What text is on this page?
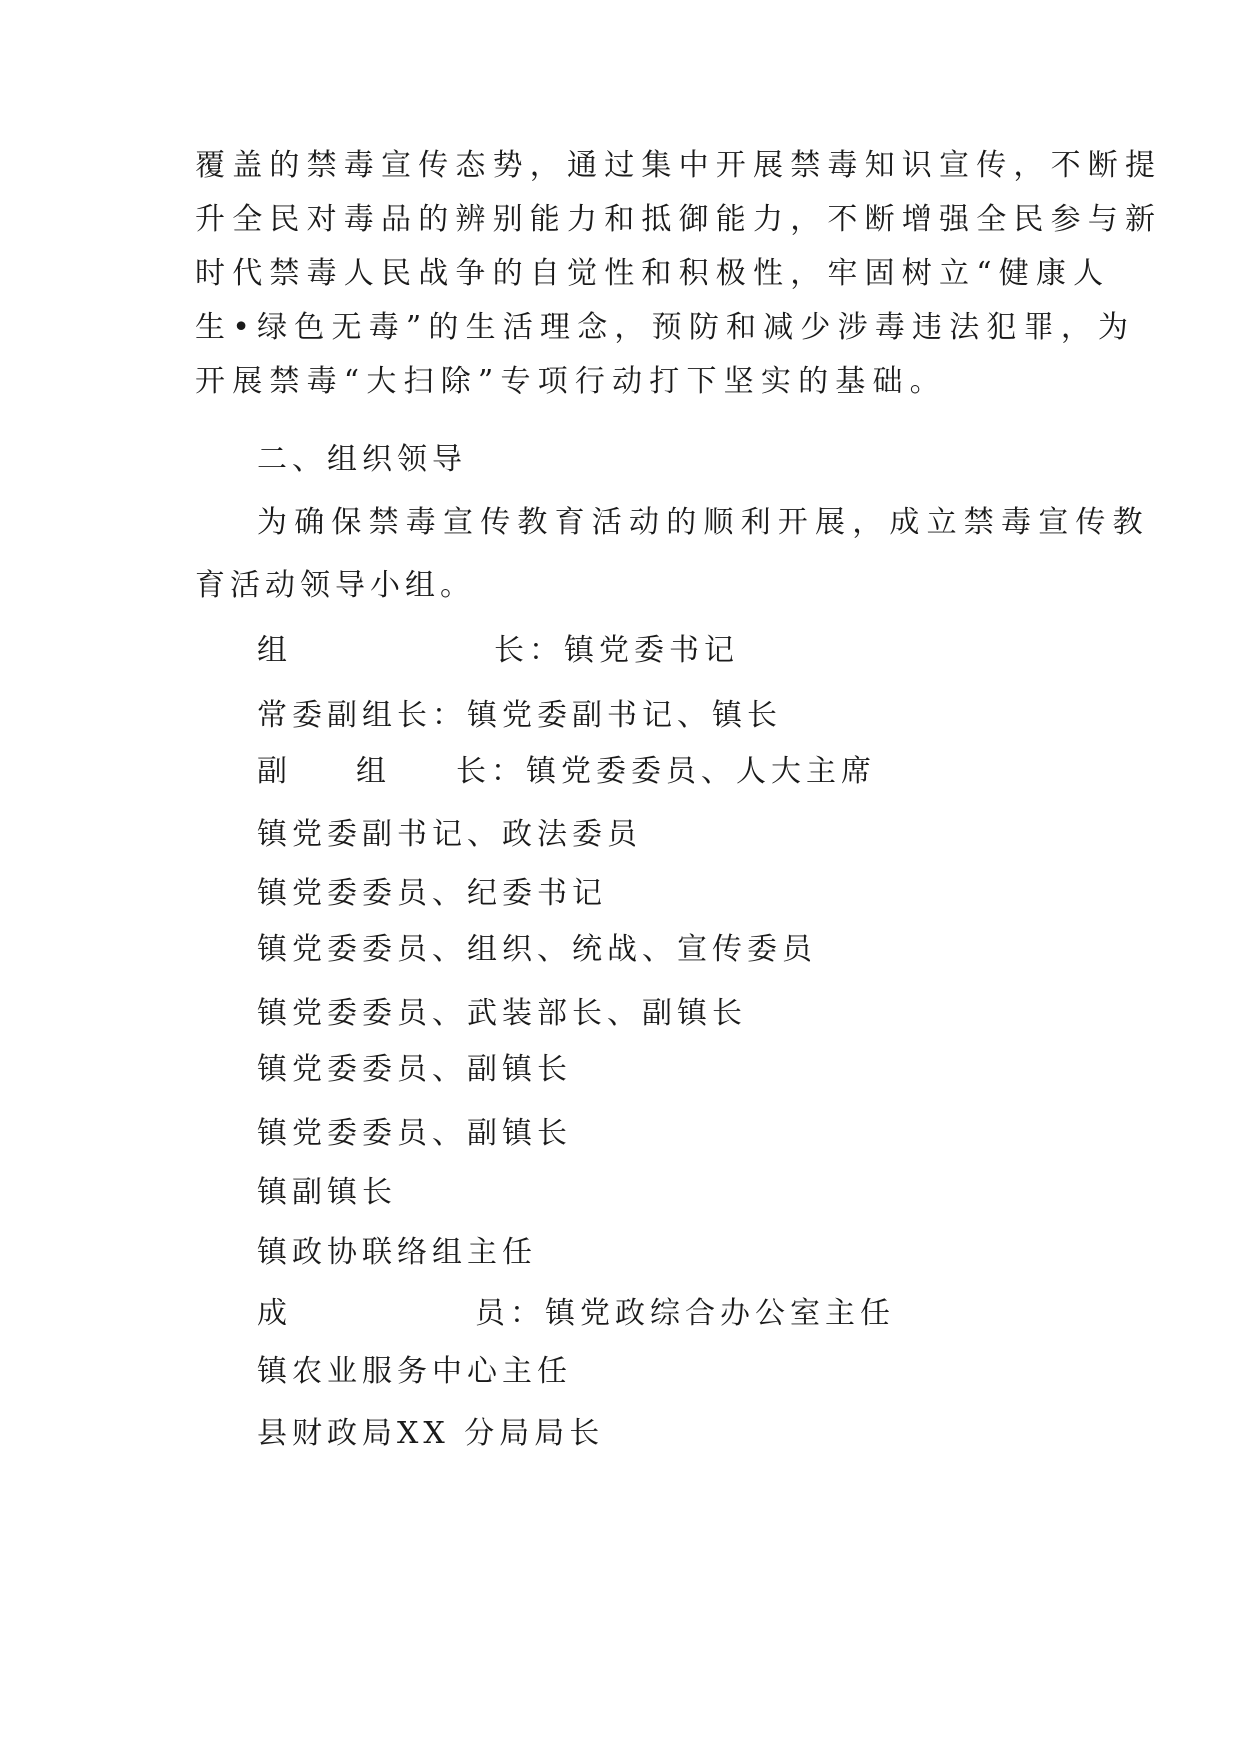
覆盖的禁毒宣传态势，通过集中开展禁毒知识宣传，不断提
升全民对毒品的辨别能力和抵御能力，不断增强全民参与新
时代禁毒人民战争的自觉性和积极性，牢固树立“健康人
生•绿色无毒”的生活理念，预防和减少涉毒违法犯罪，为
开展禁毒“大扫除”专项行动打下坚实的基础。
二、组织领导
为确保禁毒宣传教育活动的顺利开展，成立禁毒宣传教
育活动领导小组。
组	长：镇党委书记
常委副组长：镇党委副书记、镇长
副 组 长：镇党委委员、人大主席
镇党委副书记、政法委员
镇党委委员、纪委书记
镇党委委员、组织、统战、宣传委员
镇党委委员、武装部长、副镇长
镇党委委员、副镇长
镇党委委员、副镇长
镇副镇长
镇政协联络组主任
成	员：镇党政综合办公室主任
镇农业服务中心主任
县财政局XX 分局局长
